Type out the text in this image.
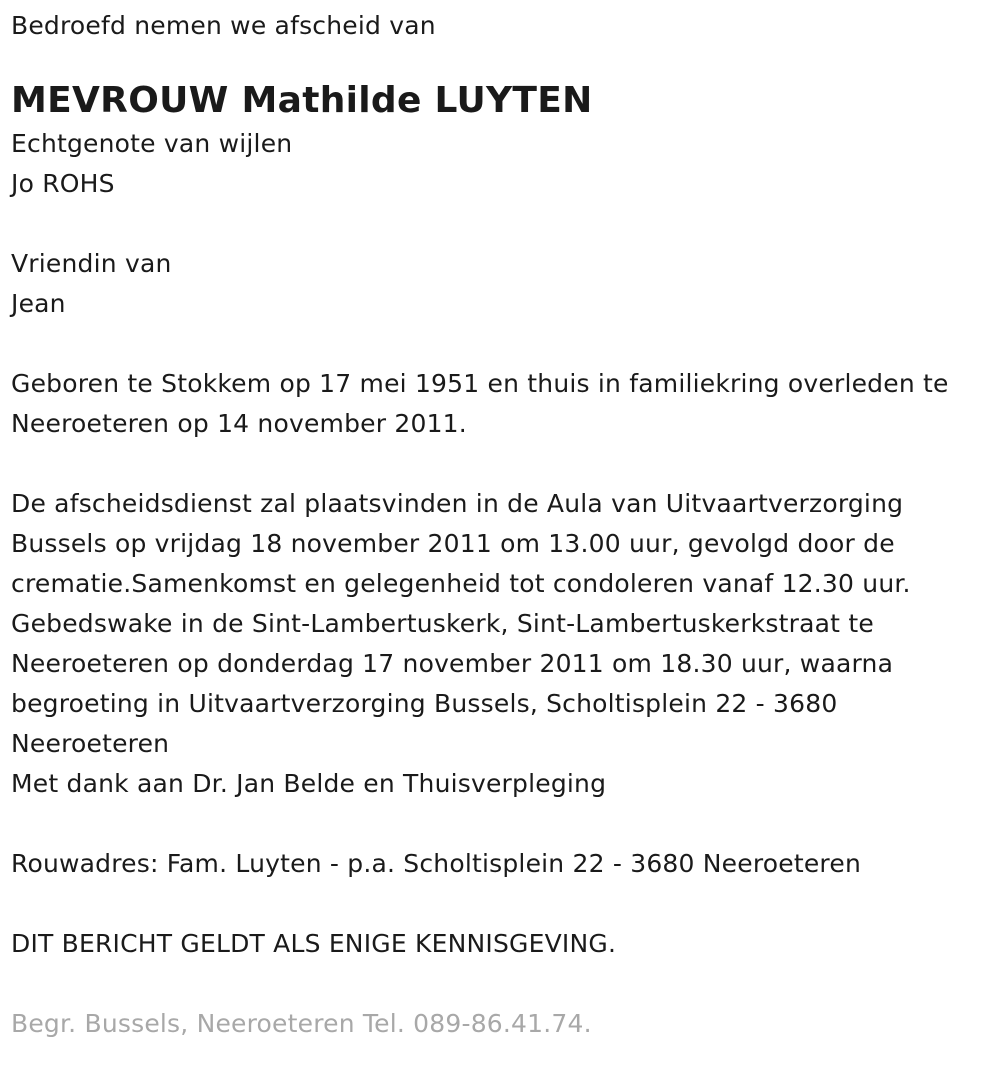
Bedroefd nemen we afscheid van
MEVROUW Mathilde LUYTEN
Echtgenote van wijlen
Jo ROHS
Vriendin van
Jean
Geboren te Stokkem op 17 mei 1951 en thuis in familiekring overleden te
Neeroeteren op 14 november 2011.
De afscheidsdienst zal plaatsvinden in de Aula van Uitvaartverzorging
Bussels op vrijdag 18 november 2011 om 13.00 uur, gevolgd door de
crematie.Samenkomst en gelegenheid tot condoleren vanaf 12.30 uur.
Gebedswake in de Sint-Lambertuskerk, Sint-Lambertuskerkstraat te
Neeroeteren op donderdag 17 november 2011 om 18.30 uur, waarna
begroeting in Uitvaartverzorging Bussels, Scholtisplein 22 - 3680
Neeroeteren
Met dank aan Dr. Jan Belde en Thuisverpleging
Rouwadres: Fam. Luyten - p.a. Scholtisplein 22 - 3680 Neeroeteren
DIT BERICHT GELDT ALS ENIGE KENNISGEVING.
Begr. Bussels, Neeroeteren Tel. 089-86.41.74.
